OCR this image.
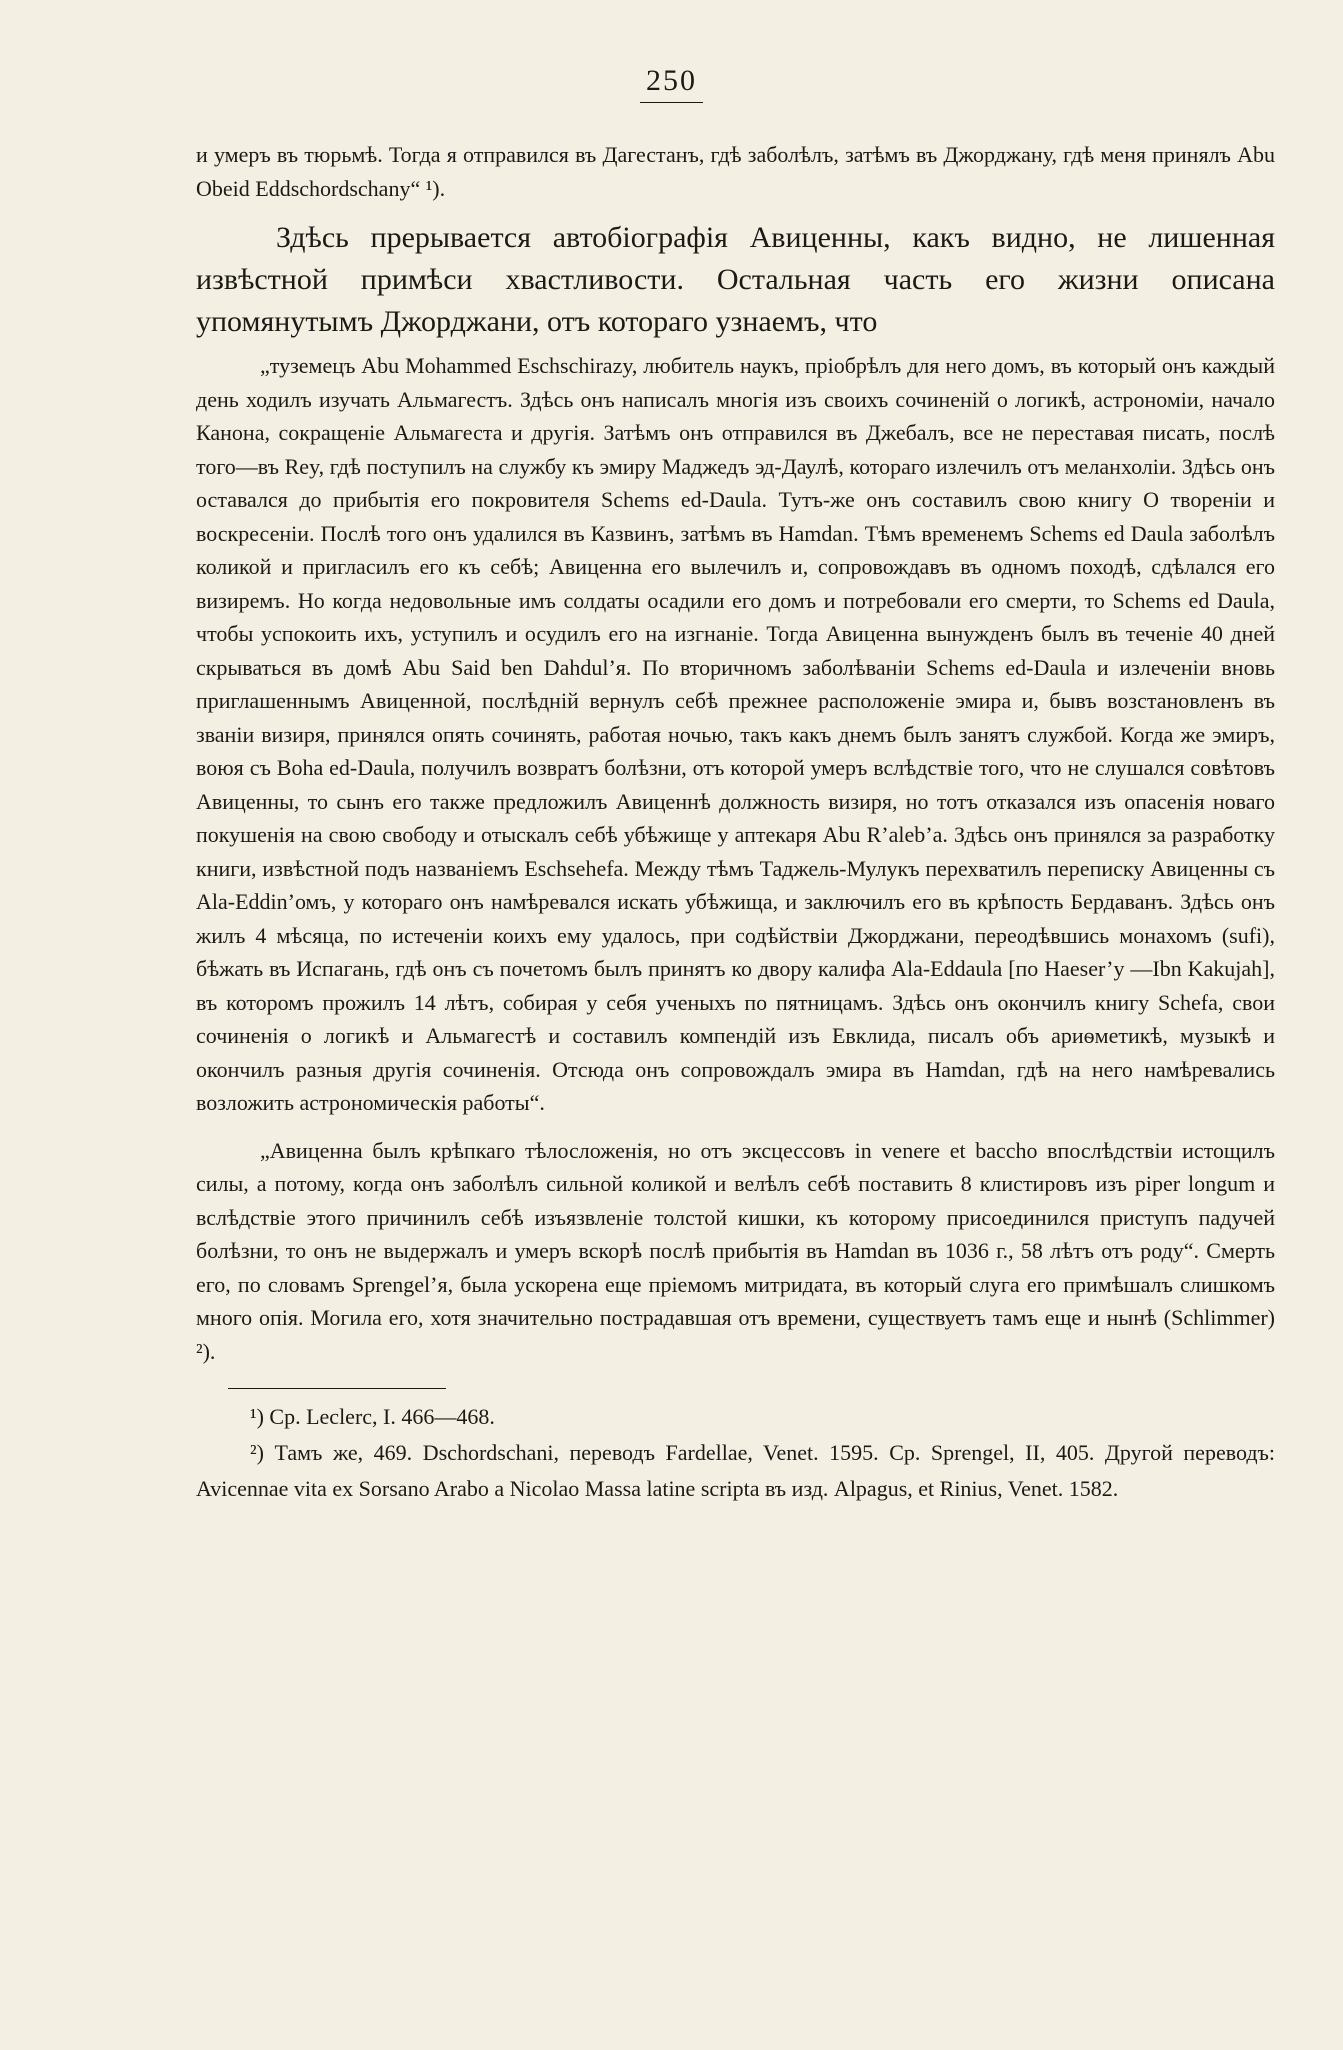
250

и умеръ въ тюрьмѣ. Тогда я отправился въ Дагестанъ, гдѣ заболѣлъ, затѣмъ въ Джорджану, гдѣ меня принялъ Abu Obeid Eddschordschany“ ¹).

Здѣсь прерывается автобіографія Авиценны, какъ видно, не лишенная извѣстной примѣси хвастливости. Остальная часть его жизни описана упомянутымъ Джорджани, отъ котораго узнаемъ, что

„туземецъ Abu Mohammed Eschschirazy, любитель наукъ, пріобрѣлъ для него домъ, въ который онъ каждый день ходилъ изучать Альмагестъ. Здѣсь онъ написалъ многія изъ своихъ сочиненій о логикѣ, астрономіи, начало Канона, сокращеніе Альмагеста и другія. Затѣмъ онъ отправился въ Джебалъ, все не переставая писать, послѣ того—въ Rey, гдѣ поступилъ на службу къ эмиру Маджедъ эд-Даулѣ, котораго излечилъ отъ меланхоліи. Здѣсь онъ оставался до прибытія его покровителя Schems ed-Daula. Тутъ-же онъ составилъ свою книгу О твореніи и воскресеніи. Послѣ того онъ удалился въ Казвинъ, затѣмъ въ Hamdan. Тѣмъ временемъ Schems ed Daula заболѣлъ коликой и пригласилъ его къ себѣ; Авиценна его вылечилъ и, сопровождавъ въ одномъ походѣ, сдѣлался его визиремъ. Но когда недовольные имъ солдаты осадили его домъ и потребовали его смерти, то Schems ed Daula, чтобы успокоить ихъ, уступилъ и осудилъ его на изгнаніе. Тогда Авиценна вынужденъ былъ въ теченіе 40 дней скрываться въ домѣ Abu Said ben Dahdul’я. По вторичномъ заболѣваніи Schems ed-Daula и излеченіи вновь приглашеннымъ Авиценной, послѣдній вернулъ себѣ прежнее расположеніе эмира и, бывъ возстановленъ въ званіи визиря, принялся опять сочинять, работая ночью, такъ какъ днемъ былъ занятъ службой. Когда же эмиръ, воюя съ Boha ed-Daula, получилъ возвратъ болѣзни, отъ которой умеръ вслѣдствіе того, что не слушался совѣтовъ Авиценны, то сынъ его также предложилъ Авиценнѣ должность визиря, но тотъ отказался изъ опасенія новаго покушенія на свою свободу и отыскалъ себѣ убѣжище у аптекаря Abu R’aleb’a. Здѣсь онъ принялся за разработку книги, извѣстной подъ названіемъ Eschsehefa. Между тѣмъ Таджель-Мулукъ перехватилъ переписку Авиценны съ Ala-Eddin’омъ, у котораго онъ намѣревался искать убѣжища, и заключилъ его въ крѣпость Бердаванъ. Здѣсь онъ жилъ 4 мѣсяца, по истеченіи коихъ ему удалось, при содѣйствіи Джорджани, переодѣвшись монахомъ (sufi), бѣжать въ Испагань, гдѣ онъ съ почетомъ былъ принятъ ко двору калифа Ala-Eddaula [по Haeser’y —Ibn Kakujah], въ которомъ прожилъ 14 лѣтъ, собирая у себя ученыхъ по пятницамъ. Здѣсь онъ окончилъ книгу Schefa, свои сочиненія о логикѣ и Альмагестѣ и составилъ компендій изъ Евклида, писалъ объ ариѳметикѣ, музыкѣ и окончилъ разныя другія сочиненія. Отсюда онъ сопровождалъ эмира въ Hamdan, гдѣ на него намѣревались возложить астрономическія работы“.

„Авиценна былъ крѣпкаго тѣлосложенія, но отъ эксцессовъ in venere et baccho впослѣдствіи истощилъ силы, а потому, когда онъ заболѣлъ сильной коликой и велѣлъ себѣ поставить 8 клистировъ изъ piper longum и вслѣдствіе этого причинилъ себѣ изъязвленіе толстой кишки, къ которому присоединился приступъ падучей болѣзни, то онъ не выдержалъ и умеръ вскорѣ послѣ прибытія въ Hamdan въ 1036 г., 58 лѣтъ отъ роду“. Смерть его, по словамъ Sprengel’я, была ускорена еще пріемомъ митридата, въ который слуга его примѣшалъ слишкомъ много опія. Могила его, хотя значительно пострадавшая отъ времени, существуетъ тамъ еще и нынѣ (Schlimmer) ²).

¹) Cp. Leclerc, I. 466—468.

²) Тамъ же, 469. Dschordschani, переводъ Fardellae, Venet. 1595. Cp. Sprengel, II, 405. Другой переводъ: Avicennae vita ex Sorsano Arabo a Nicolao Massa latine scripta въ изд. Alpagus, et Rinius, Venet. 1582.
